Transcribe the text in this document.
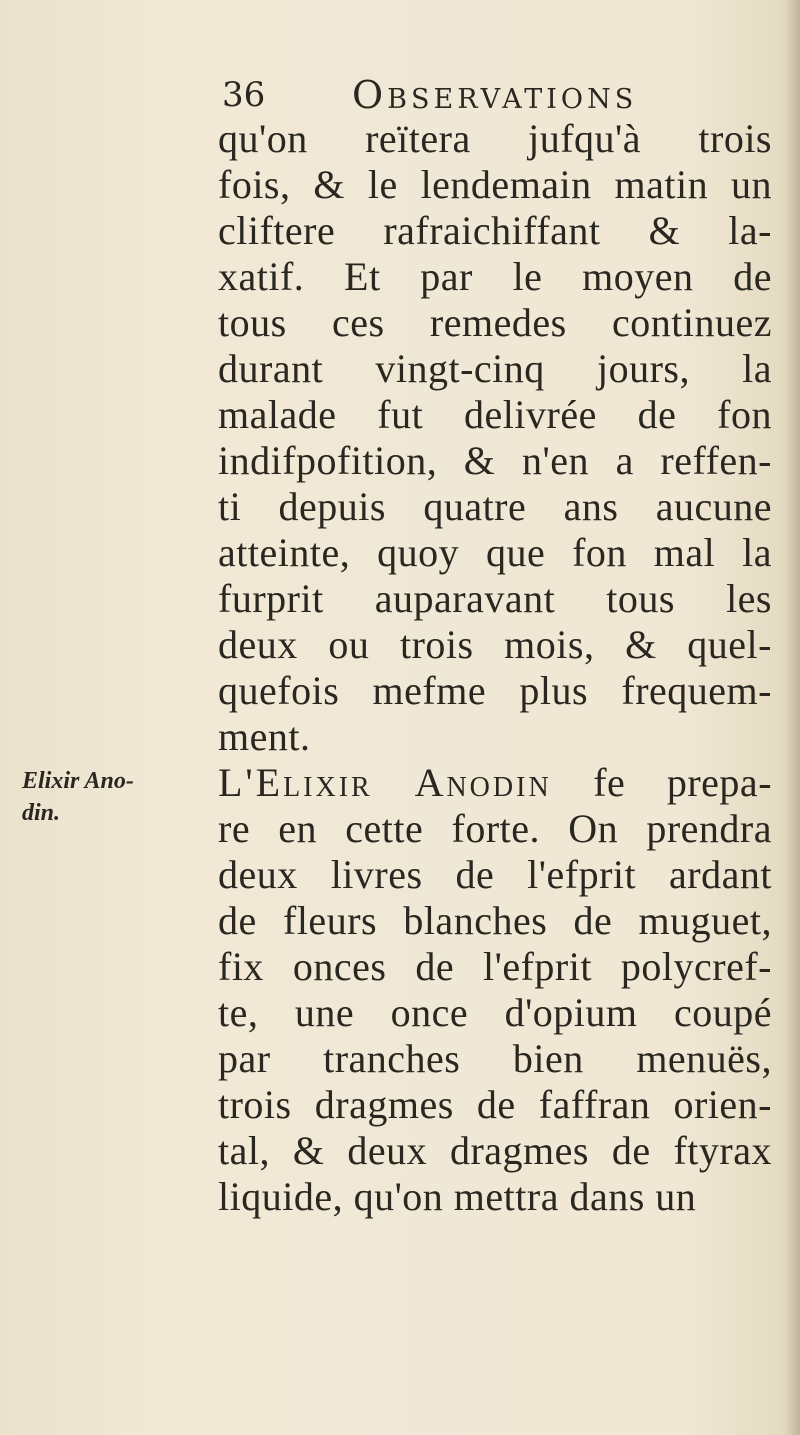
36 Observations
qu'on reïtera jufqu'à trois
fois, & le lendemain matin un
cliftere rafraichiffant & la-
xatif. Et par le moyen de
tous ces remedes continuez
durant vingt-cinq jours, la
malade fut delivrée de fon
indifpofition, & n'en a reffen-
ti depuis quatre ans aucune
atteinte, quoy que fon mal la
furprit auparavant tous les
deux ou trois mois, & quel-
quefois mefme plus frequem-
ment.
L'Elixir Anodin fe prepa-
re en cette forte. On prendra
deux livres de l'efprit ardant
de fleurs blanches de muguet,
fix onces de l'efprit polycref-
te, une once d'opium coupé
par tranches bien menuës,
trois dragmes de faffran orien-
tal, & deux dragmes de ftyrax
liquide, qu'on mettra dans un
Elixir Ano-
din.
